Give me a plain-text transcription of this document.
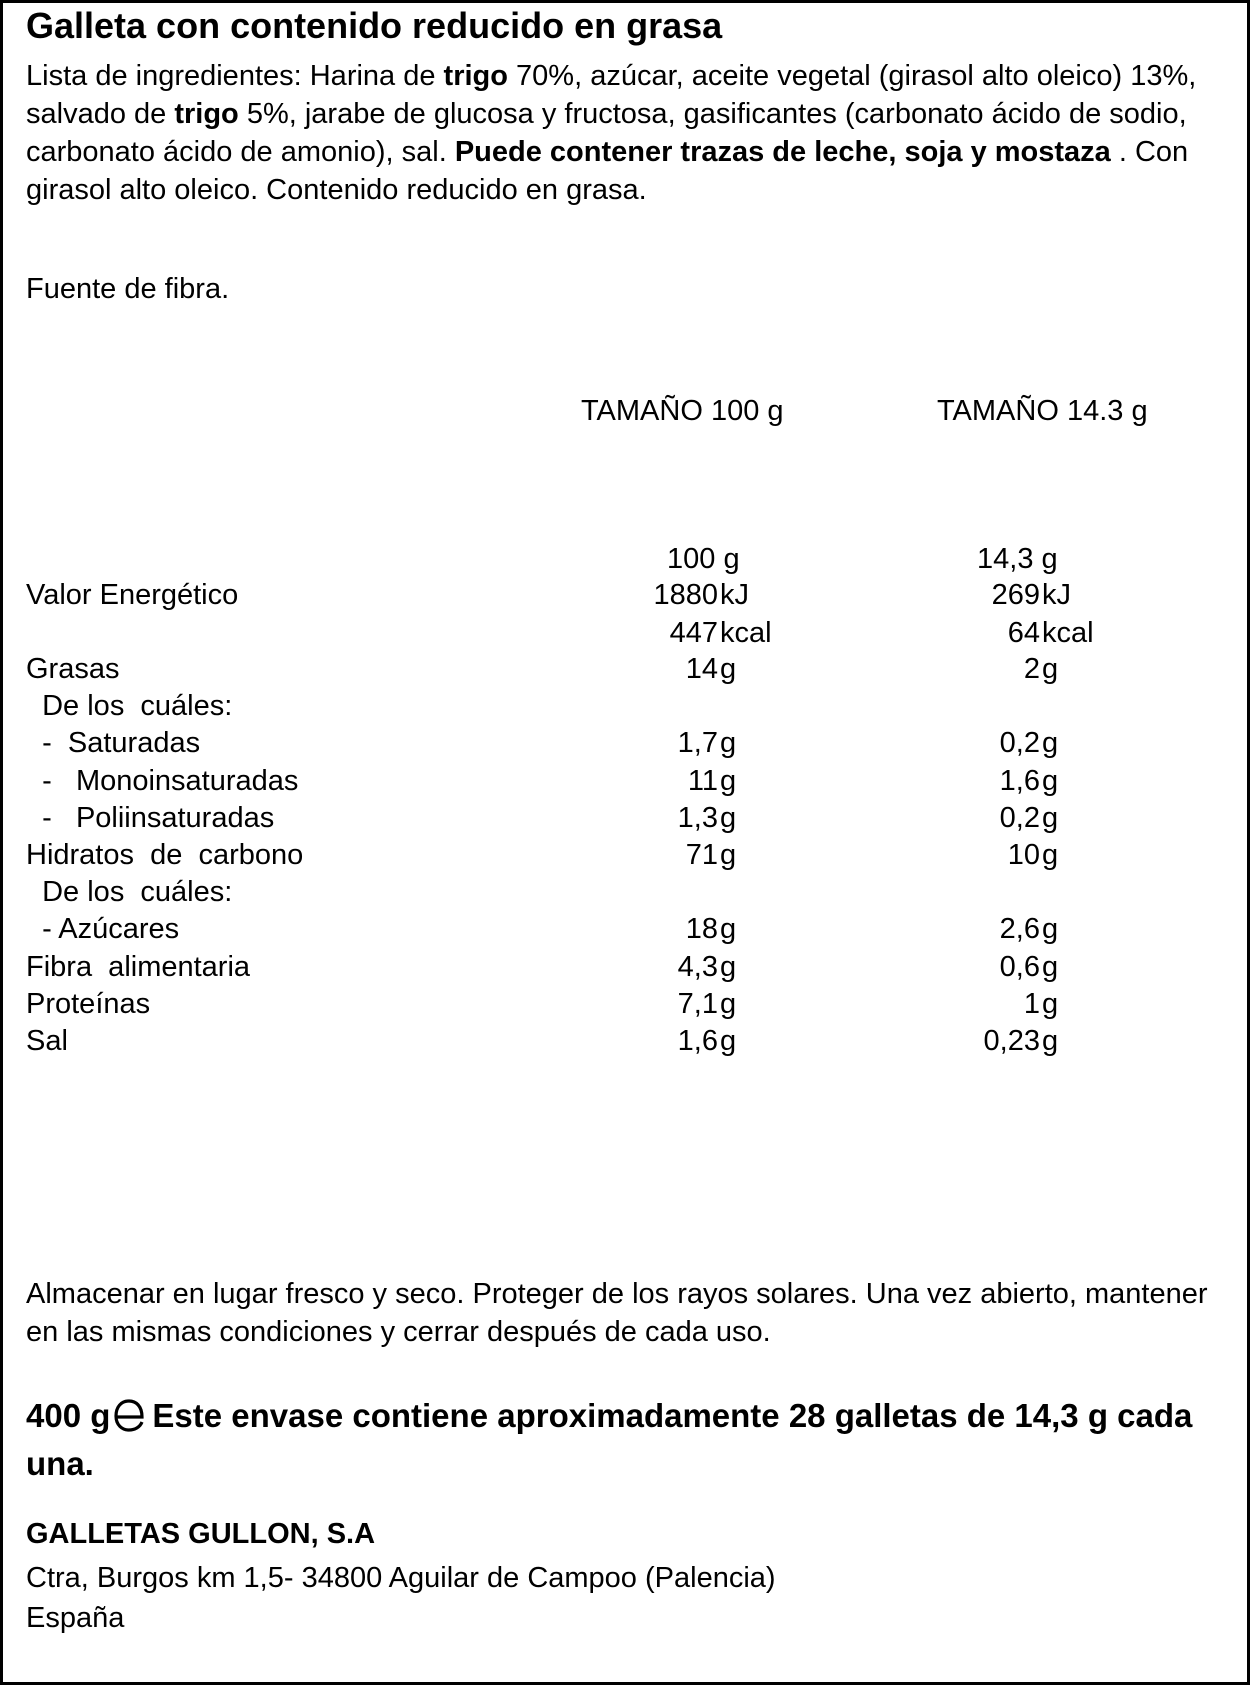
Galleta con contenido reducido en grasa
Lista de ingredientes: Harina de trigo 70%, azúcar, aceite vegetal (girasol alto oleico) 13%, salvado de trigo 5%, jarabe de glucosa y fructosa, gasificantes (carbonato ácido de sodio, carbonato ácido de amonio), sal. Puede contener trazas de leche, soja y mostaza . Con girasol alto oleico. Contenido reducido en grasa.
Fuente de fibra.
TAMAÑO 100 g	TAMAÑO 14.3 g
100 g	14,3 g
Valor Energético	1880 kJ	269 kJ
447 kcal	64 kcal
Grasas	14 g	2 g
De los  cuáles:
-  Saturadas	1,7 g	0,2 g
-   Monoinsaturadas	11 g	1,6 g
-   Poliinsaturadas	1,3 g	0,2 g
Hidratos  de  carbono	71 g	10 g
De los  cuáles:
- Azúcares	18 g	2,6 g
Fibra  alimentaria	4,3 g	0,6 g
Proteínas	7,1 g	1 g
Sal	1,6 g	0,23 g
Almacenar en lugar fresco y seco. Proteger de los rayos solares. Una vez abierto, mantener en las mismas condiciones y cerrar después de cada uso.
400 g Este envase contiene aproximadamente 28 galletas de 14,3 g cada una.
GALLETAS GULLON, S.A
Ctra, Burgos km 1,5- 34800 Aguilar de Campoo (Palencia)
España
